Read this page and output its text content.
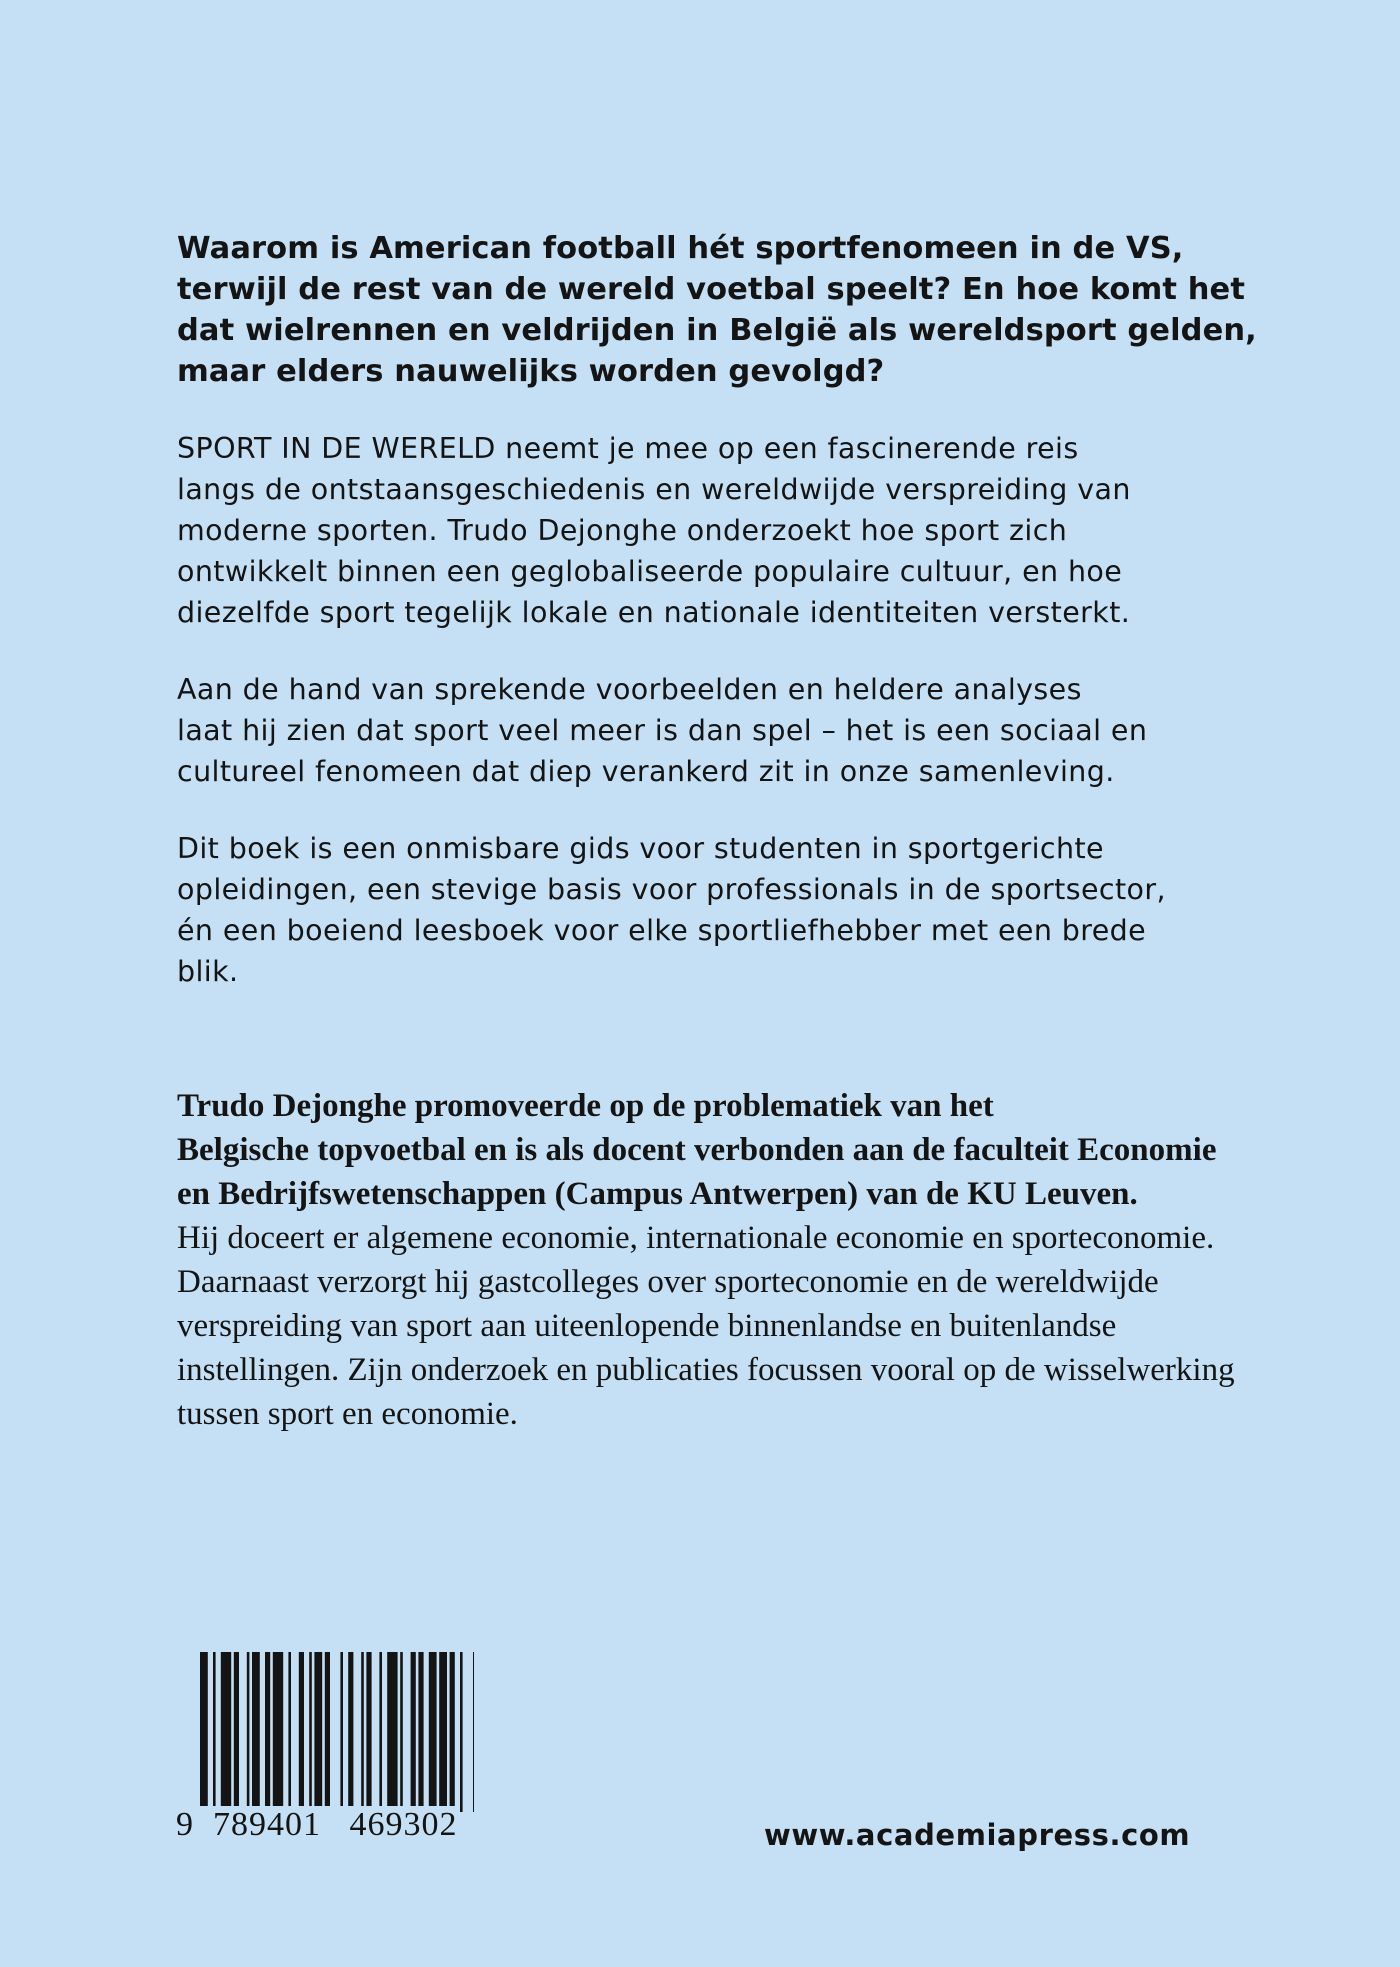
Waarom is American football hét sportfenomeen in de VS,
terwijl de rest van de wereld voetbal speelt? En hoe komt het
dat wielrennen en veldrijden in België als wereldsport gelden,
maar elders nauwelijks worden gevolgd?

SPORT IN DE WERELD neemt je mee op een fascinerende reis
langs de ontstaansgeschiedenis en wereldwijde verspreiding van
moderne sporten. Trudo Dejonghe onderzoekt hoe sport zich
ontwikkelt binnen een geglobaliseerde populaire cultuur, en hoe
diezelfde sport tegelijk lokale en nationale identiteiten versterkt.

Aan de hand van sprekende voorbeelden en heldere analyses
laat hij zien dat sport veel meer is dan spel – het is een sociaal en
cultureel fenomeen dat diep verankerd zit in onze samenleving.

Dit boek is een onmisbare gids voor studenten in sportgerichte
opleidingen, een stevige basis voor professionals in de sportsector,
én een boeiend leesboek voor elke sportliefhebber met een brede
blik.

Trudo Dejonghe promoveerde op de problematiek van het
Belgische topvoetbal en is als docent verbonden aan de faculteit Economie
en Bedrijfswetenschappen (Campus Antwerpen) van de KU Leuven.
Hij doceert er algemene economie, internationale economie en sporteconomie.
Daarnaast verzorgt hij gastcolleges over sporteconomie en de wereldwijde
verspreiding van sport aan uiteenlopende binnenlandse en buitenlandse
instellingen. Zijn onderzoek en publicaties focussen vooral op de wisselwerking
tussen sport en economie.
9  789401   469302	www.academiapress.com
